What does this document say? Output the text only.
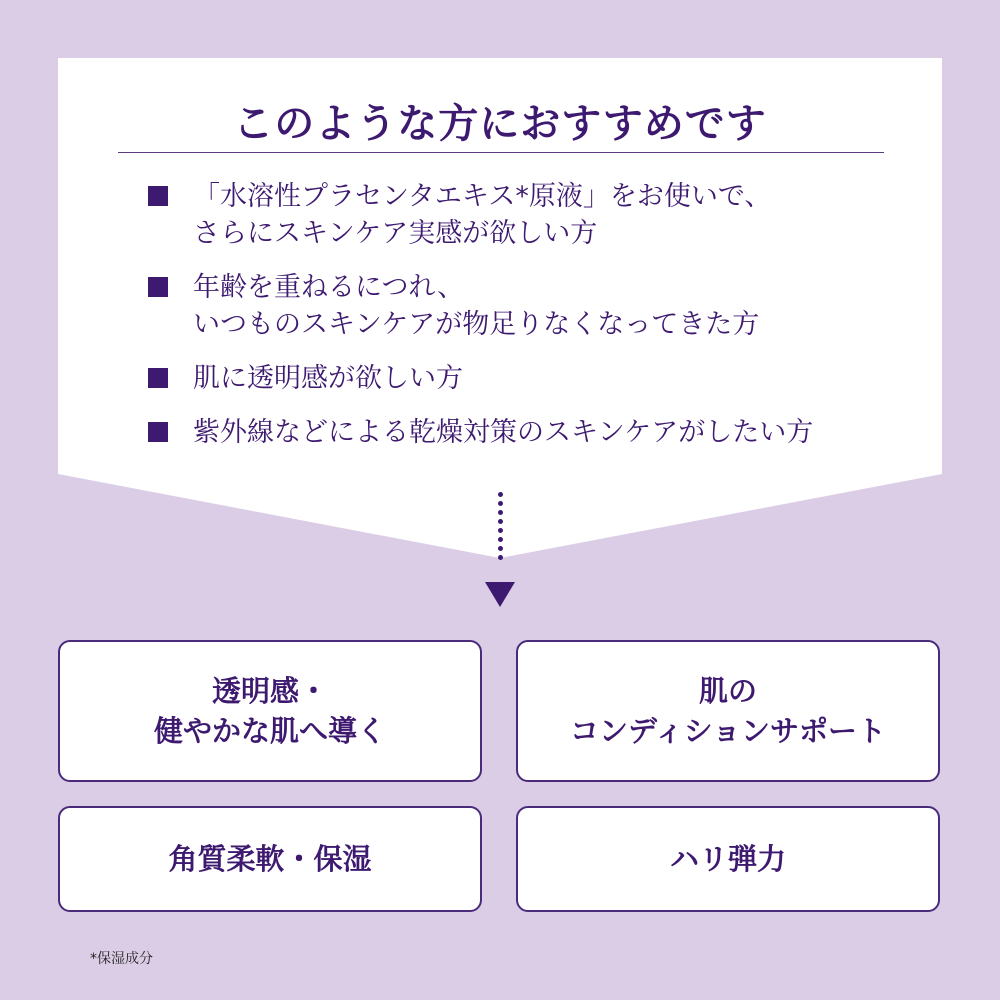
このような方におすすめです
「水溶性プラセンタエキス*原液」をお使いで、
さらにスキンケア実感が欲しい方
年齢を重ねるにつれ、
いつものスキンケアが物足りなくなってきた方
肌に透明感が欲しい方
紫外線などによる乾燥対策のスキンケアがしたい方
透明感・
健やかな肌へ導く
肌の
コンディションサポート
角質柔軟・保湿	ハリ弾力
*保湿成分
